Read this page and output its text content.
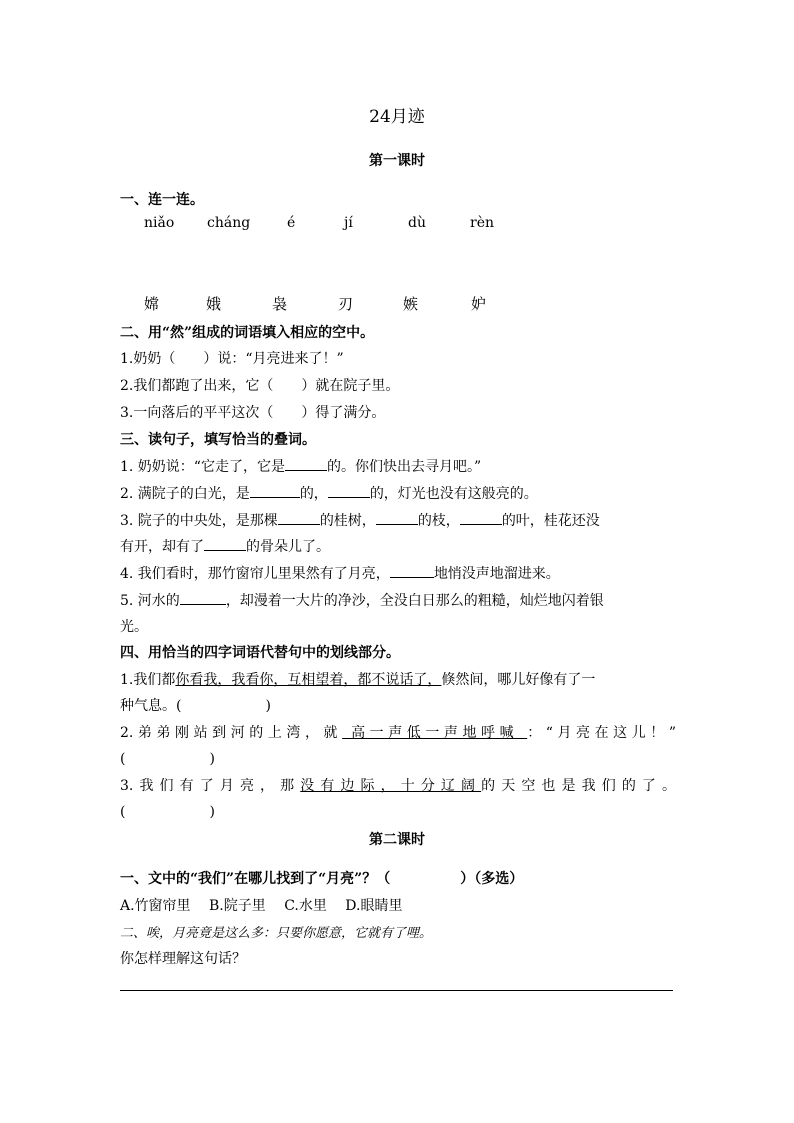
24月迹
第一课时
一、连一连。
niǎo cháng	é	jí	dù	rèn
嫦	娥	袅	刃	嫉	妒
二、用“然”组成的词语填入相应的空中。
1.奶奶（　　）说：“月亮进来了！”
2.我们都跑了出来，它（　　）就在院子里。
3.一向落后的平平这次（　　）得了满分。
三、读句子，填写恰当的叠词。
1. 奶奶说：“它走了，它是	的。你们快出去寻月吧。”
2. 满院子的白光，是	的，	的，灯光也没有这般亮的。
3. 院子的中央处，是那棵	的桂树，	的枝，	的叶，桂花还没
有开，却有了	的骨朵儿了。
4. 我们看时，那竹窗帘儿里果然有了月亮，	地悄没声地溜进来。
5. 河水的	，却漫着一大片的净沙，全没白日那么的粗糙，灿烂地闪着银
光。
四、用恰当的四字词语代替句中的划线部分。
1.我们都你看我，我看你，互相望着，都不说话了，倏然间，哪儿好像有了一
种气息。(　　　　　　)
2.弟弟刚站到河的上湾，就 高一声低一声地呼喊 ：“月亮在这儿！”
(　　　　　　)
3.我们有了月亮，那没有边际，十分辽阔的天空也是我们的了。
(　　　　　　)
第二课时
一、文中的“我们”在哪儿找到了“月亮”？（　　　　　）（多选）
A.竹窗帘里　 B.院子里　 C.水里　 D.眼睛里
二、唉，月亮竟是这么多：只要你愿意，它就有了哩。
你怎样理解这句话？
